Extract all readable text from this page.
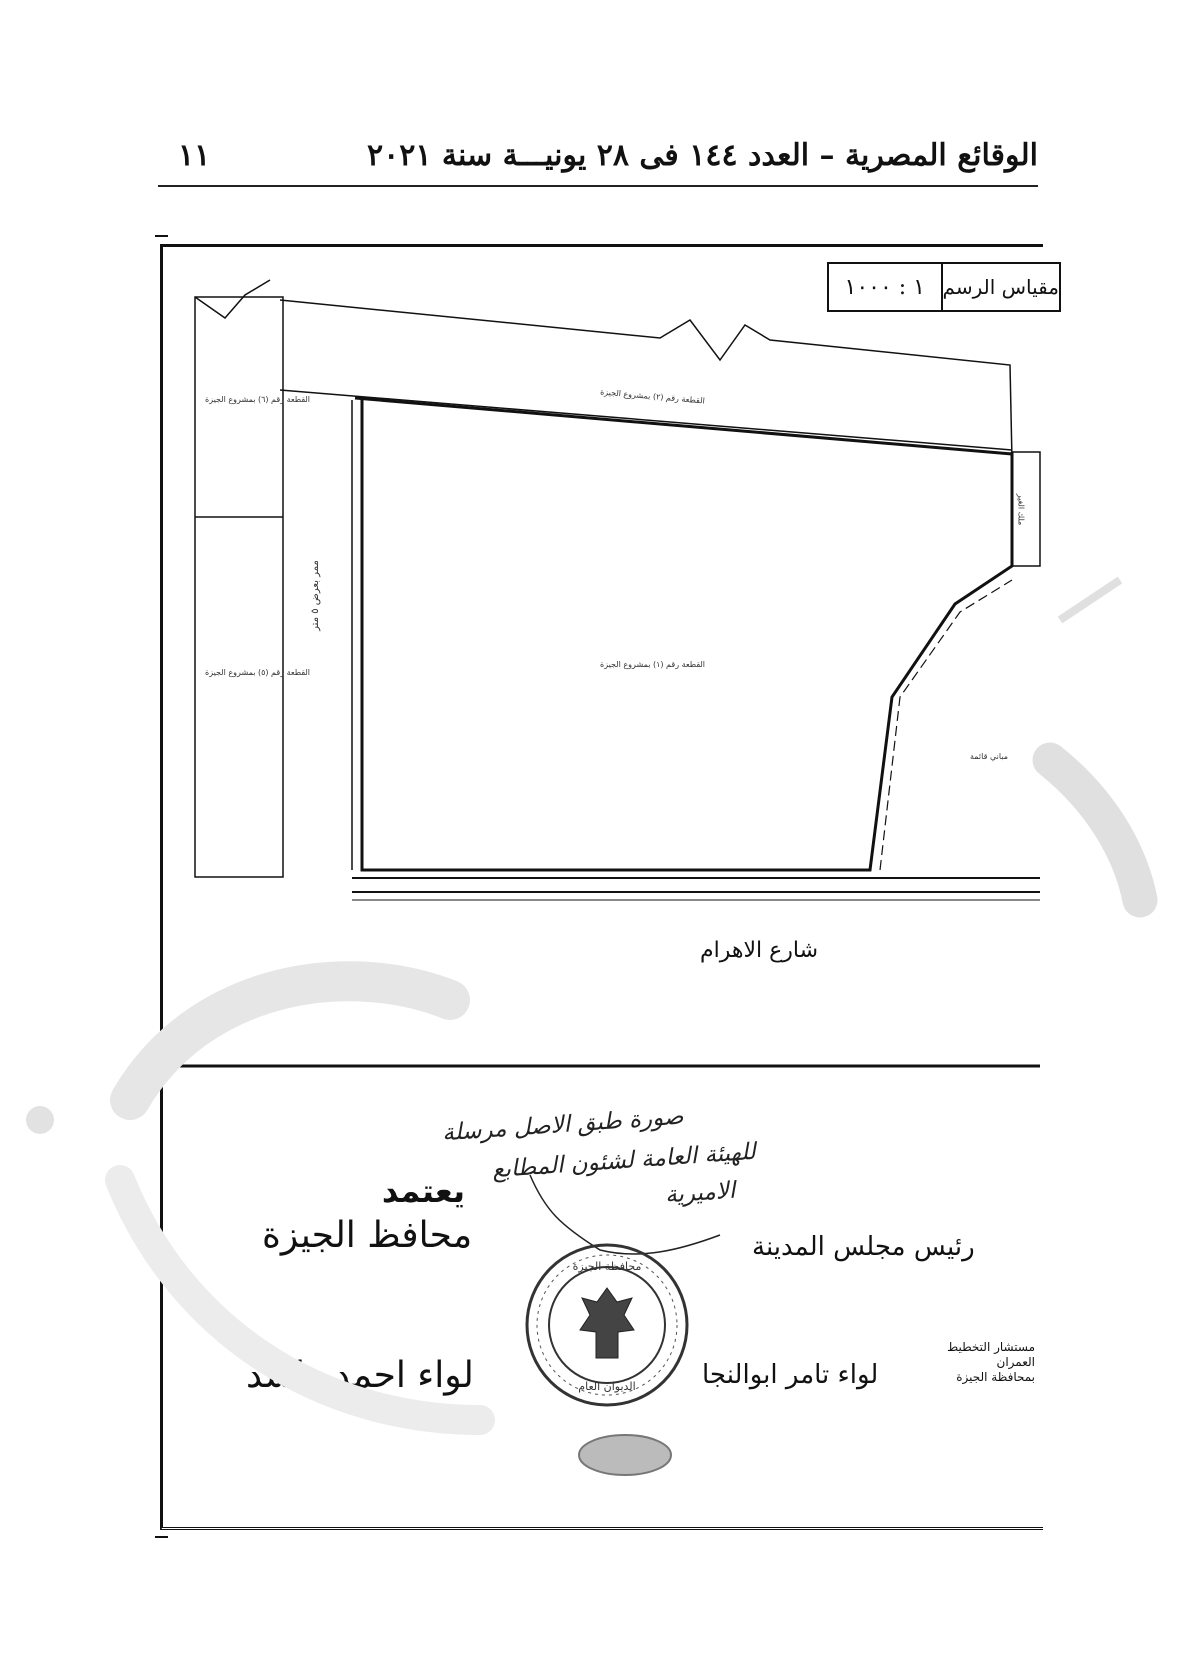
الوقائع المصرية – العدد ١٤٤ فى ٢٨ يونيـــة سنة ٢٠٢١
١١
مقياس الرسم
١ : ١٠٠٠
القطعة رقم (٢) بمشروع الجيزة
القطعة رقم (١) بمشروع الجيزة
القطعة رقم (٦) بمشروع الجيزة
القطعة رقم (٥) بمشروع الجيزة
ممر بعرض ٥ متر
مباني قائمة
ملك الغير
شارع الاهرام
صورة طبق الاصل مرسلة
للهيئة العامة لشئون المطابع
الاميرية
يعتمد
محافظ الجيزة
لواء احمد راشد
رئيس مجلس المدينة
لواء تامر ابوالنجا
مستشار التخطيط العمران
بمحافظة الجيزة
محافظة الجيزة
الديوان العام
